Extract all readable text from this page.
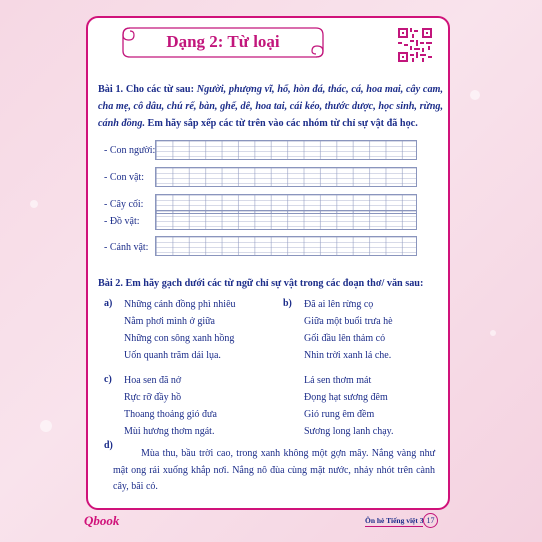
Dạng 2: Từ loại
Bài 1. Cho các từ sau: Người, phượng vĩ, hổ, hòn đá, thác, cá, hoa mai, cây cam, cha mẹ, cô dâu, chú rể, bàn, ghế, dê, hoa tai, cái kéo, thước dược, học sinh, rừng, cánh đồng. Em hãy sắp xếp các từ trên vào các nhóm từ chỉ sự vật đã học.
- Con người:
- Con vật:
- Cây cối:
- Đồ vật:
- Cảnh vật:
Bài 2. Em hãy gạch dưới các từ ngữ chỉ sự vật trong các đoạn thơ/ văn sau:
a) Những cánh đồng phì nhiêu
Nằm phơi mình ở giữa
Những con sông xanh hồng
Uốn quanh trăm dải lụa.
b) Đã ai lên rừng cọ
Giữa một buổi trưa hè
Gối đầu lên thảm cỏ
Nhìn trời xanh lá che.
c) Hoa sen đã nở
Rực rỡ đầy hồ
Thoang thoảng gió đưa
Mùi hương thơm ngát.
Lá sen thơm mát
Đọng hạt sương đêm
Gió rung êm đềm
Sương long lanh chạy.
d)
Mùa thu, bầu trời cao, trong xanh không một gợn mây. Nắng vàng như mật ong rải xuống khắp nơi. Nắng nô đùa cùng mặt nước, nhảy nhót trên cành cây, bãi cỏ.
Qbook	Ôn hè Tiếng việt 3 17
